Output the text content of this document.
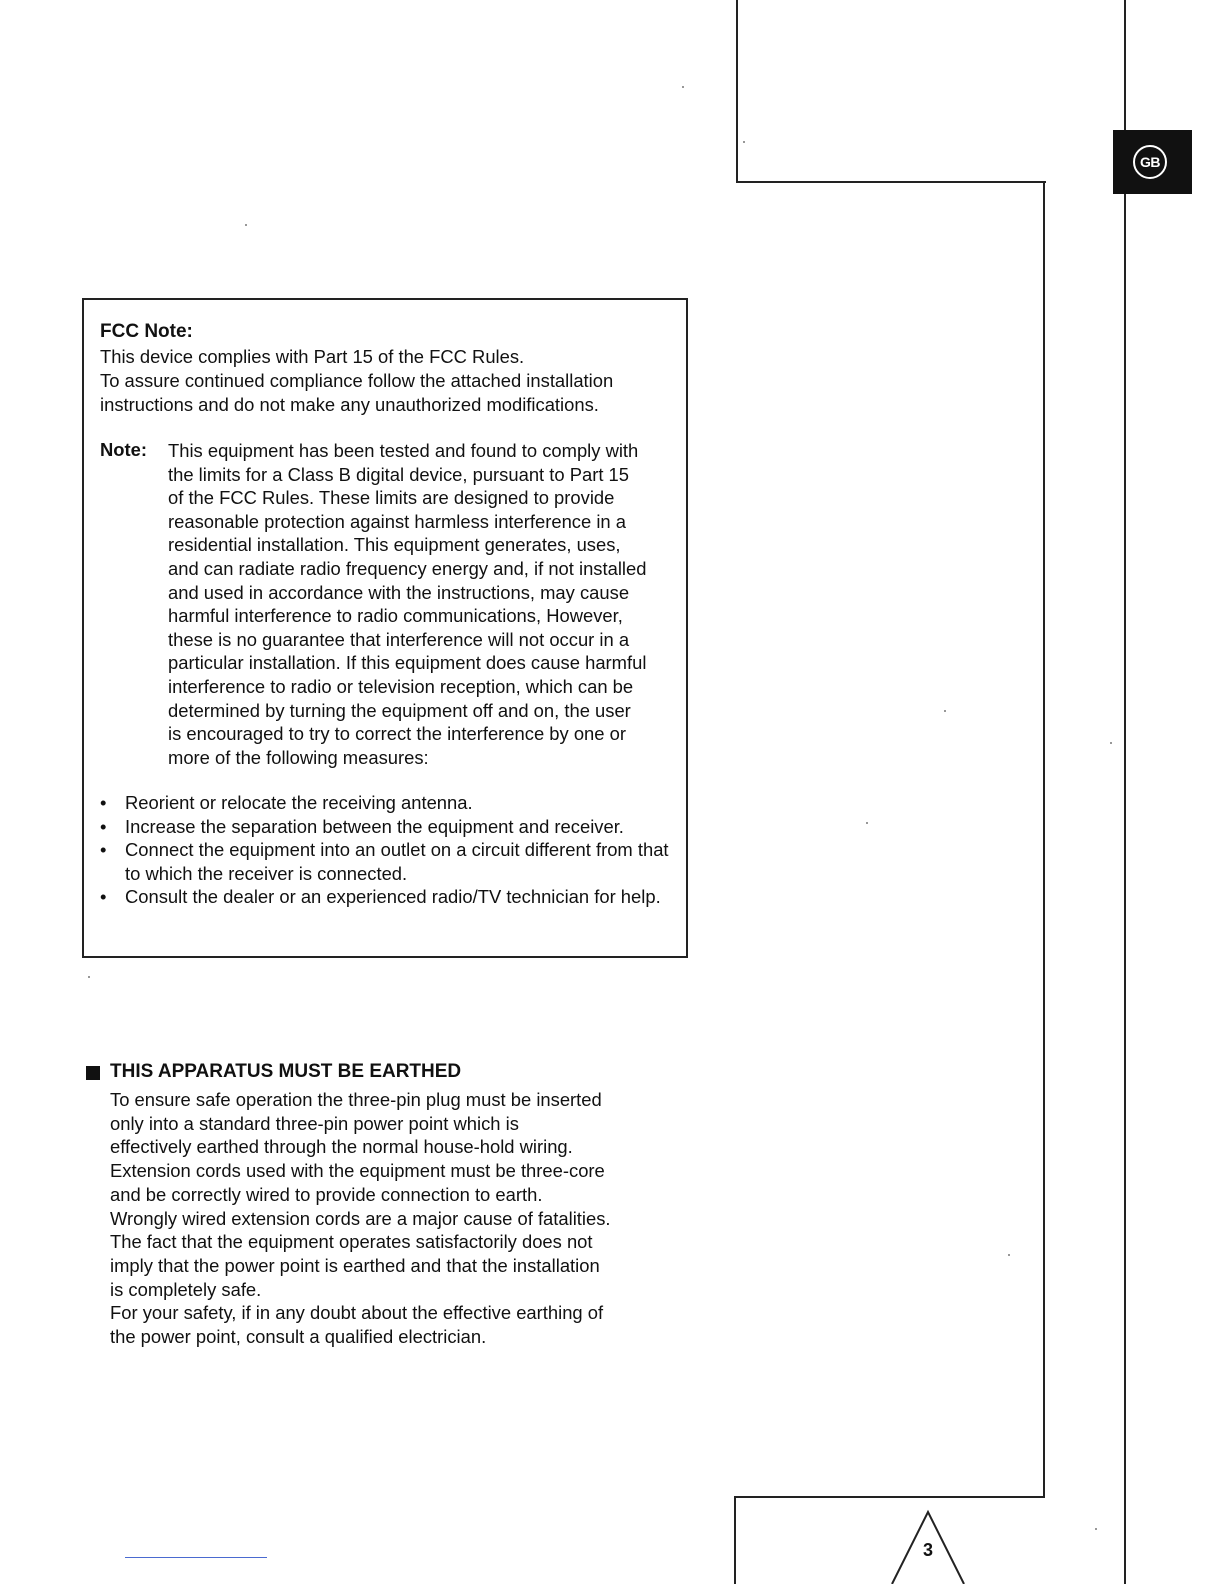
GB
FCC Note:
This device complies with Part 15 of the FCC Rules.
To assure continued compliance follow the attached installation
instructions and do not make any unauthorized modifications.
Note: This equipment has been tested and found to comply with

the limits for a Class B digital device, pursuant to Part 15

of the FCC Rules. These limits are designed to provide

reasonable protection against harmless interference in a

residential installation. This equipment generates, uses,

and can radiate radio frequency energy and, if not installed

and used in accordance with the instructions, may cause

harmful interference to radio communications, However,

these is no guarantee that interference will not occur in a

particular installation. If this equipment does cause harmful

interference to radio or television reception, which can be

determined by turning the equipment off and on, the user

is encouraged to try to correct the interference by one or

more of the following measures:

• Reorient or relocate the receiving antenna.
• Increase the separation between the equipment and receiver.
• Connect the equipment into an outlet on a circuit different from that to which the receiver is connected.
• Consult the dealer or an experienced radio/TV technician for help.
THIS APPARATUS MUST BE EARTHED

To ensure safe operation the three-pin plug must be inserted

only into a standard three-pin power point which is

effectively earthed through the normal house-hold wiring.

Extension cords used with the equipment must be three-core

and be correctly wired to provide connection to earth.

Wrongly wired extension cords are a major cause of fatalities.

The fact that the equipment operates satisfactorily does not

imply that the power point is earthed and that the installation

is completely safe.

For your safety, if in any doubt about the effective earthing of

the power point, consult a qualified electrician.

3
